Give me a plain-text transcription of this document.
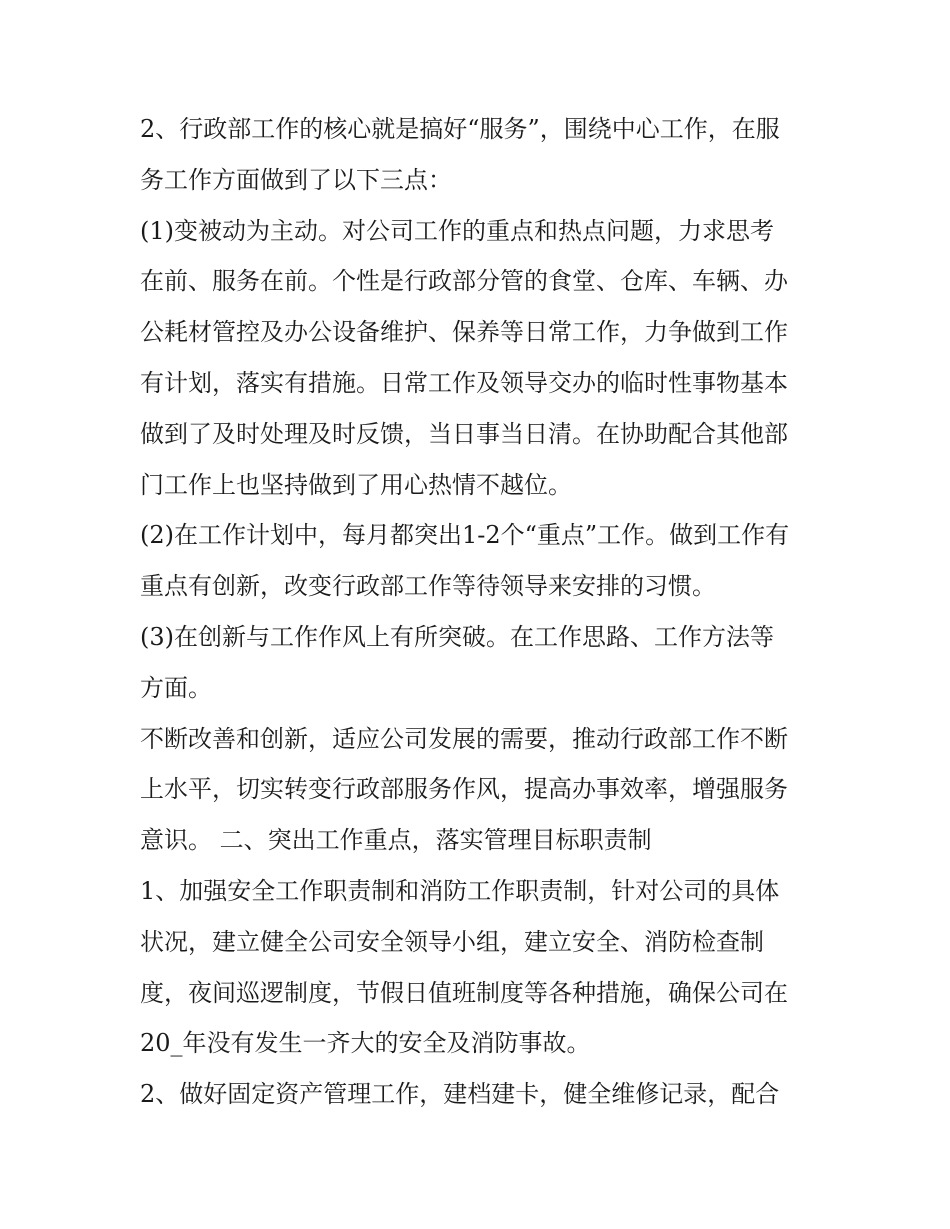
2、行政部工作的核心就是搞好“服务”，围绕中心工作，在服
务工作方面做到了以下三点：
(1)变被动为主动。对公司工作的重点和热点问题，力求思考
在前、服务在前。个性是行政部分管的食堂、仓库、车辆、办
公耗材管控及办公设备维护、保养等日常工作，力争做到工作
有计划，落实有措施。日常工作及领导交办的临时性事物基本
做到了及时处理及时反馈，当日事当日清。在协助配合其他部
门工作上也坚持做到了用心热情不越位。
(2)在工作计划中，每月都突出1-2个“重点”工作。做到工作有
重点有创新，改变行政部工作等待领导来安排的习惯。
(3)在创新与工作作风上有所突破。在工作思路、工作方法等
方面。
不断改善和创新，适应公司发展的需要，推动行政部工作不断
上水平，切实转变行政部服务作风，提高办事效率，增强服务
意识。 二、突出工作重点，落实管理目标职责制
1、加强安全工作职责制和消防工作职责制，针对公司的具体
状况，建立健全公司安全领导小组，建立安全、消防检查制
度，夜间巡逻制度，节假日值班制度等各种措施，确保公司在
20_年没有发生一齐大的安全及消防事故。
2、做好固定资产管理工作，建档建卡，健全维修记录，配合
